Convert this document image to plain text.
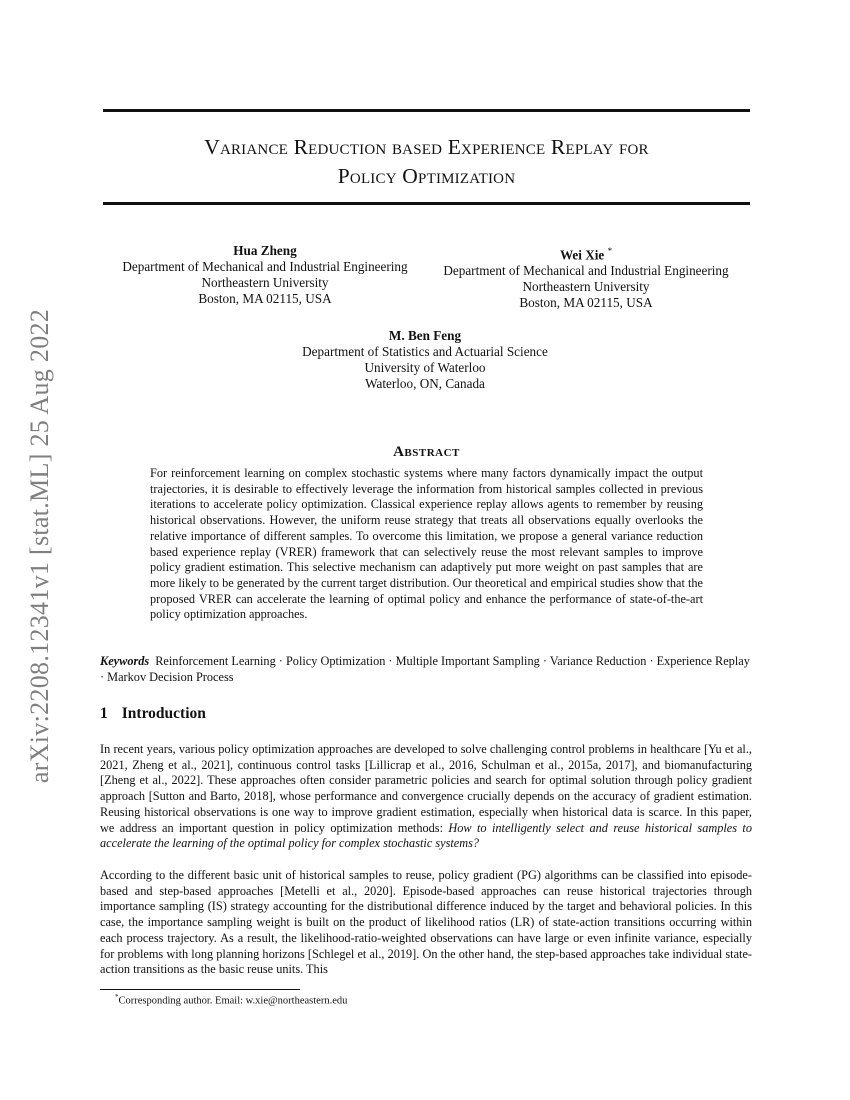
arXiv:2208.12341v1 [stat.ML] 25 Aug 2022
Variance Reduction based Experience Replay for
Policy Optimization
Hua Zheng
Department of Mechanical and Industrial Engineering
Northeastern University
Boston, MA 02115, USA
Wei Xie *
Department of Mechanical and Industrial Engineering
Northeastern University
Boston, MA 02115, USA
M. Ben Feng
Department of Statistics and Actuarial Science
University of Waterloo
Waterloo, ON, Canada
Abstract
For reinforcement learning on complex stochastic systems where many factors dynamically impact the output trajectories, it is desirable to effectively leverage the information from historical samples collected in previous iterations to accelerate policy optimization. Classical experience replay allows agents to remember by reusing historical observations. However, the uniform reuse strategy that treats all observations equally overlooks the relative importance of different samples. To overcome this limitation, we propose a general variance reduction based experience replay (VRER) framework that can selectively reuse the most relevant samples to improve policy gradient estimation. This selective mechanism can adaptively put more weight on past samples that are more likely to be generated by the current target distribution. Our theoretical and empirical studies show that the proposed VRER can accelerate the learning of optimal policy and enhance the performance of state-of-the-art policy optimization approaches.
Keywords Reinforcement Learning · Policy Optimization · Multiple Important Sampling · Variance Reduction · Experience Replay · Markov Decision Process
1 Introduction
In recent years, various policy optimization approaches are developed to solve challenging control problems in healthcare [Yu et al., 2021, Zheng et al., 2021], continuous control tasks [Lillicrap et al., 2016, Schulman et al., 2015a, 2017], and biomanufacturing [Zheng et al., 2022]. These approaches often consider parametric policies and search for optimal solution through policy gradient approach [Sutton and Barto, 2018], whose performance and convergence crucially depends on the accuracy of gradient estimation. Reusing historical observations is one way to improve gradient estimation, especially when historical data is scarce. In this paper, we address an important question in policy optimization methods: How to intelligently select and reuse historical samples to accelerate the learning of the optimal policy for complex stochastic systems?
According to the different basic unit of historical samples to reuse, policy gradient (PG) algorithms can be classified into episode-based and step-based approaches [Metelli et al., 2020]. Episode-based approaches can reuse historical trajectories through importance sampling (IS) strategy accounting for the distributional difference induced by the target and behavioral policies. In this case, the importance sampling weight is built on the product of likelihood ratios (LR) of state-action transitions occurring within each process trajectory. As a result, the likelihood-ratio-weighted observations can have large or even infinite variance, especially for problems with long planning horizons [Schlegel et al., 2019]. On the other hand, the step-based approaches take individual state-action transitions as the basic reuse units. This
*Corresponding author. Email: w.xie@northeastern.edu
